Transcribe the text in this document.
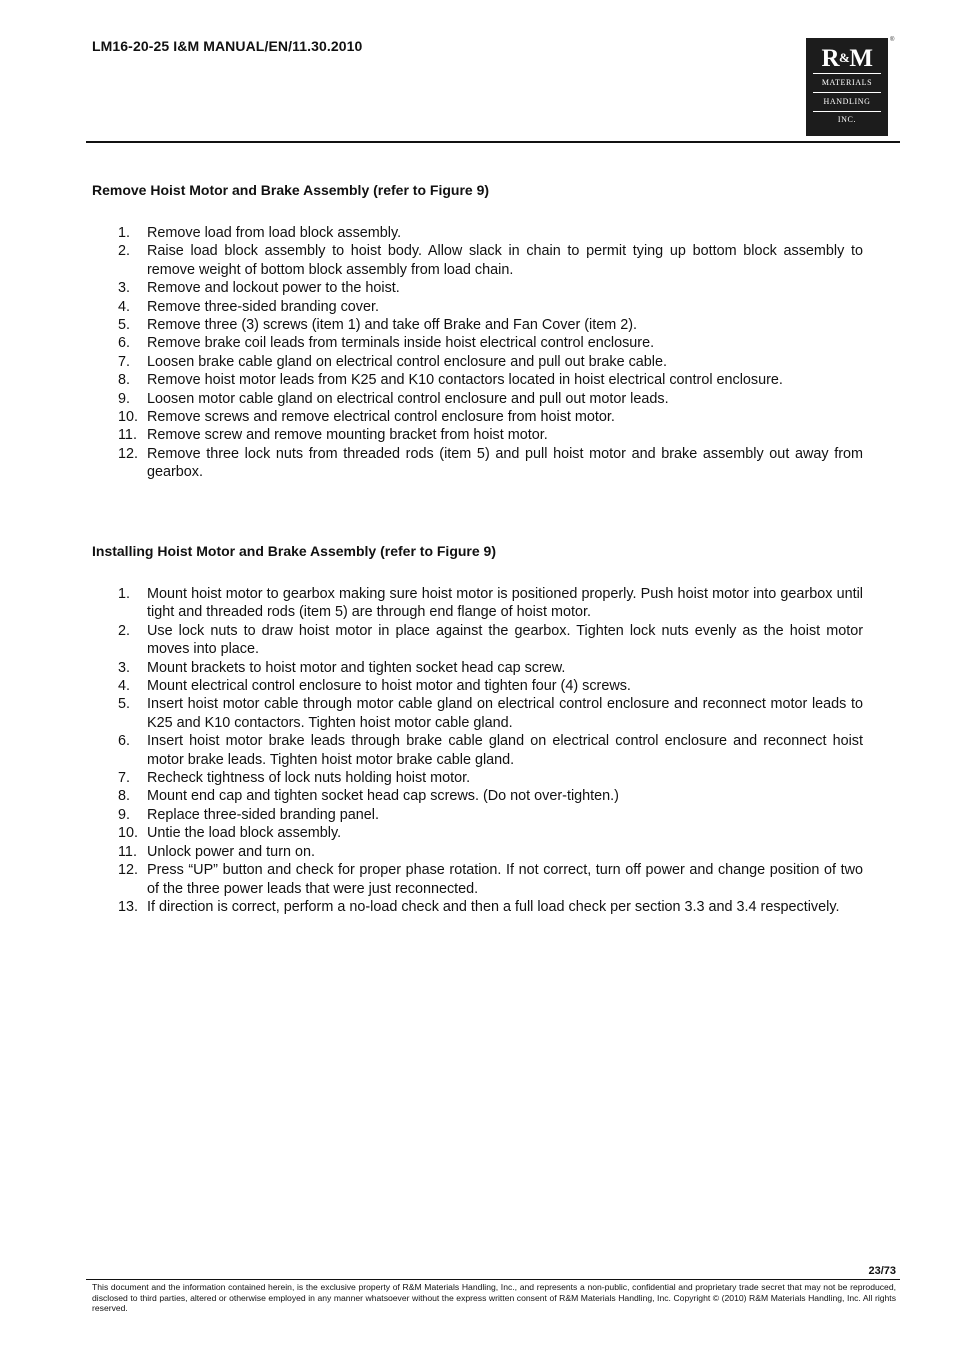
LM16-20-25 I&M MANUAL/EN/11.30.2010	R&M
MATERIALS
HANDLING
INC.
®
Remove Hoist Motor and Brake Assembly (refer to Figure 9)
1.	Remove load from load block assembly.
2.	Raise load block assembly to hoist body. Allow slack in chain to permit tying up bottom block assembly to remove weight of bottom block assembly from load chain.
3.	Remove and lockout power to the hoist.
4.	Remove three-sided branding cover.
5.	Remove three (3) screws (item 1) and take off Brake and Fan Cover (item 2).
6.	Remove brake coil leads from terminals inside hoist electrical control enclosure.
7.	Loosen brake cable gland on electrical control enclosure and pull out brake cable.
8.	Remove hoist motor leads from K25 and K10 contactors located in hoist electrical control enclosure.
9.	Loosen motor cable gland on electrical control enclosure and pull out motor leads.
10. Remove screws and remove electrical control enclosure from hoist motor.
11. Remove screw and remove mounting bracket from hoist motor.
12. Remove three lock nuts from threaded rods (item 5) and pull hoist motor and brake assembly out away from gearbox.
Installing Hoist Motor and Brake Assembly (refer to Figure 9)
1.	Mount hoist motor to gearbox making sure hoist motor is positioned properly. Push hoist motor into gearbox until tight and threaded rods (item 5) are through end flange of hoist motor.
2.	Use lock nuts to draw hoist motor in place against the gearbox. Tighten lock nuts evenly as the hoist motor moves into place.
3.	Mount brackets to hoist motor and tighten socket head cap screw.
4.	Mount electrical control enclosure to hoist motor and tighten four (4) screws.
5.	Insert hoist motor cable through motor cable gland on electrical control enclosure and reconnect motor leads to K25 and K10 contactors. Tighten hoist motor cable gland.
6.	Insert hoist motor brake leads through brake cable gland on electrical control enclosure and reconnect hoist motor brake leads. Tighten hoist motor brake cable gland.
7.	Recheck tightness of lock nuts holding hoist motor.
8.	Mount end cap and tighten socket head cap screws. (Do not over-tighten.)
9.	Replace three-sided branding panel.
10. Untie the load block assembly.
11. Unlock power and turn on.
12. Press “UP” button and check for proper phase rotation. If not correct, turn off power and change position of two of the three power leads that were just reconnected.
13. If direction is correct, perform a no-load check and then a full load check per section 3.3 and 3.4 respectively.
23/73
This document and the information contained herein, is the exclusive property of R&M Materials Handling, Inc., and represents a non-public, confidential and proprietary trade secret that may not be reproduced, disclosed to third parties, altered or otherwise employed in any manner whatsoever without the express written consent of R&M Materials Handling, Inc. Copyright © (2010) R&M Materials Handling, Inc. All rights reserved.
